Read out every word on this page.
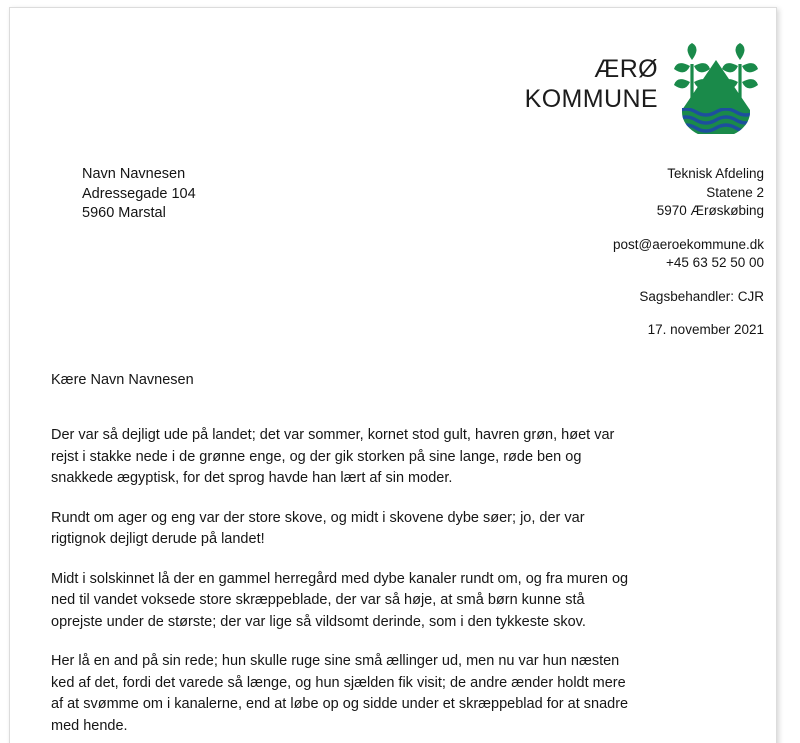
ÆRØ
KOMMUNE
Navn Navnesen
Adressegade 104
5960 Marstal
Teknisk Afdeling
Statene 2
5970 Ærøskøbing
post@aeroekommune.dk
+45 63 52 50 00
Sagsbehandler: CJR
17. november 2021

Kære Navn Navnesen

Der var så dejligt ude på landet; det var sommer, kornet stod gult, havren grøn, høet var rejst i stakke nede i de grønne enge, og der gik storken på sine lange, røde ben og snakkede ægyptisk, for det sprog havde han lært af sin moder.

Rundt om ager og eng var der store skove, og midt i skovene dybe søer; jo, der var rigtignok dejligt derude på landet!

Midt i solskinnet lå der en gammel herregård med dybe kanaler rundt om, og fra muren og ned til vandet voksede store skræppeblade, der var så høje, at små børn kunne stå oprejste under de største; der var lige så vildsomt derinde, som i den tykkeste skov.

Her lå en and på sin rede; hun skulle ruge sine små ællinger ud, men nu var hun næsten ked af det, fordi det varede så længe, og hun sjælden fik visit; de andre ænder holdt mere af at svømme om i kanalerne, end at løbe op og sidde under et skræppeblad for at snadre med hende.
